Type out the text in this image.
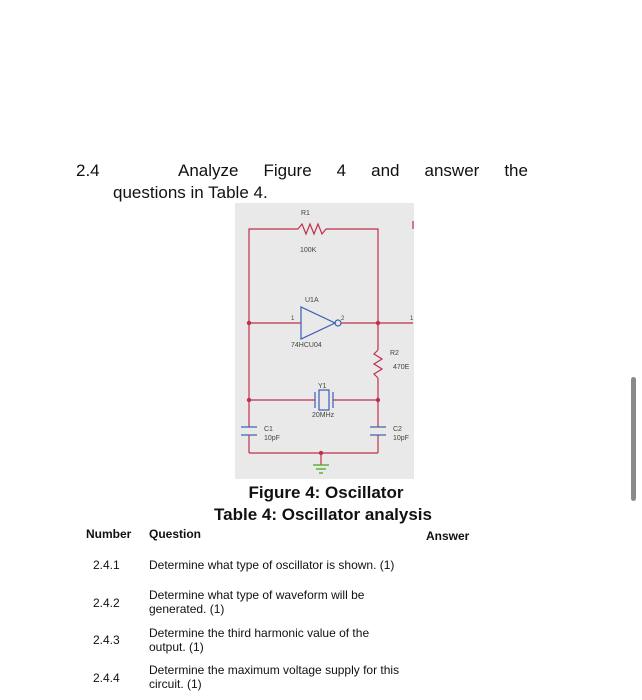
2.4	Analyze Figure 4 and answer the
questions in Table 4.
R1
100K
U1A
74HCU04
1	2	1
R2
470E
Y1
20MHz
C1
10pF
C2
10pF
Figure 4: Oscillator
Table 4: Oscillator analysis
Number Question	Answer
2.4.1 Determine what type of oscillator is shown. (1)
2.4.2
Determine what type of waveform will be
generated. (1)
2.4.3 Determine the third harmonic value of the
output. (1)
2.4.4
Determine the maximum voltage supply for this
circuit. (1)
